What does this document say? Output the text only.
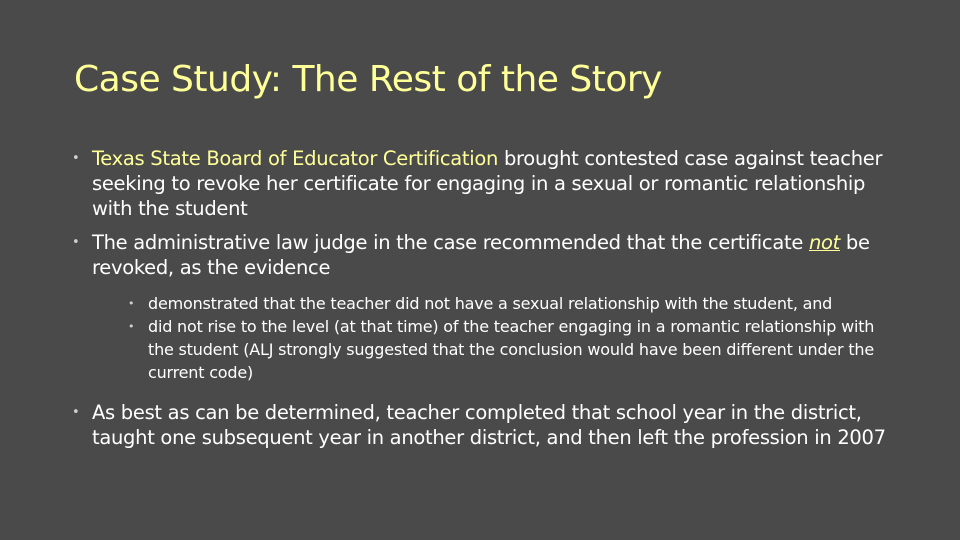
Case Study: The Rest of the Story
• Texas State Board of Educator Certification brought contested case against teacher seeking to revoke her certificate for engaging in a sexual or romantic relationship with the student
• The administrative law judge in the case recommended that the certificate not be revoked, as the evidence
• demonstrated that the teacher did not have a sexual relationship with the student, and
• did not rise to the level (at that time) of the teacher engaging in a romantic relationship with the student (ALJ strongly suggested that the conclusion would have been different under the current code)
• As best as can be determined, teacher completed that school year in the district, taught one subsequent year in another district, and then left the profession in 2007
